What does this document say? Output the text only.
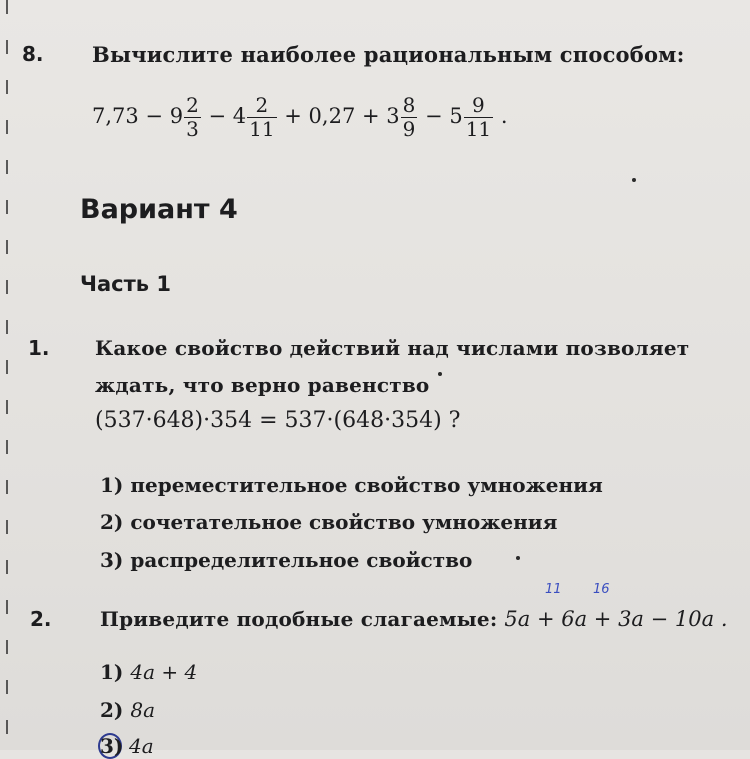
8. Вычислите наиболее рациональным способом:
$7,73 - 9 \frac{2}{3} - 4 \frac{2}{11} + 0,27 + 3 \frac{8}{9} - 5 \frac{9}{11}$ .
Вариант 4
Часть 1
1. Какое свойство действий над числами позволяет
ждать, что верно равенство
(537·648)·354 = 537·(648·354) ?
1) переместительное свойство умножения
2) сочетательное свойство умножения
3) распределительное свойство
2.
11 16
Приведите подобные слагаемые: 5a + 6a + 3a − 10a .
1) 4a + 4
2) 8a
3) 4a
